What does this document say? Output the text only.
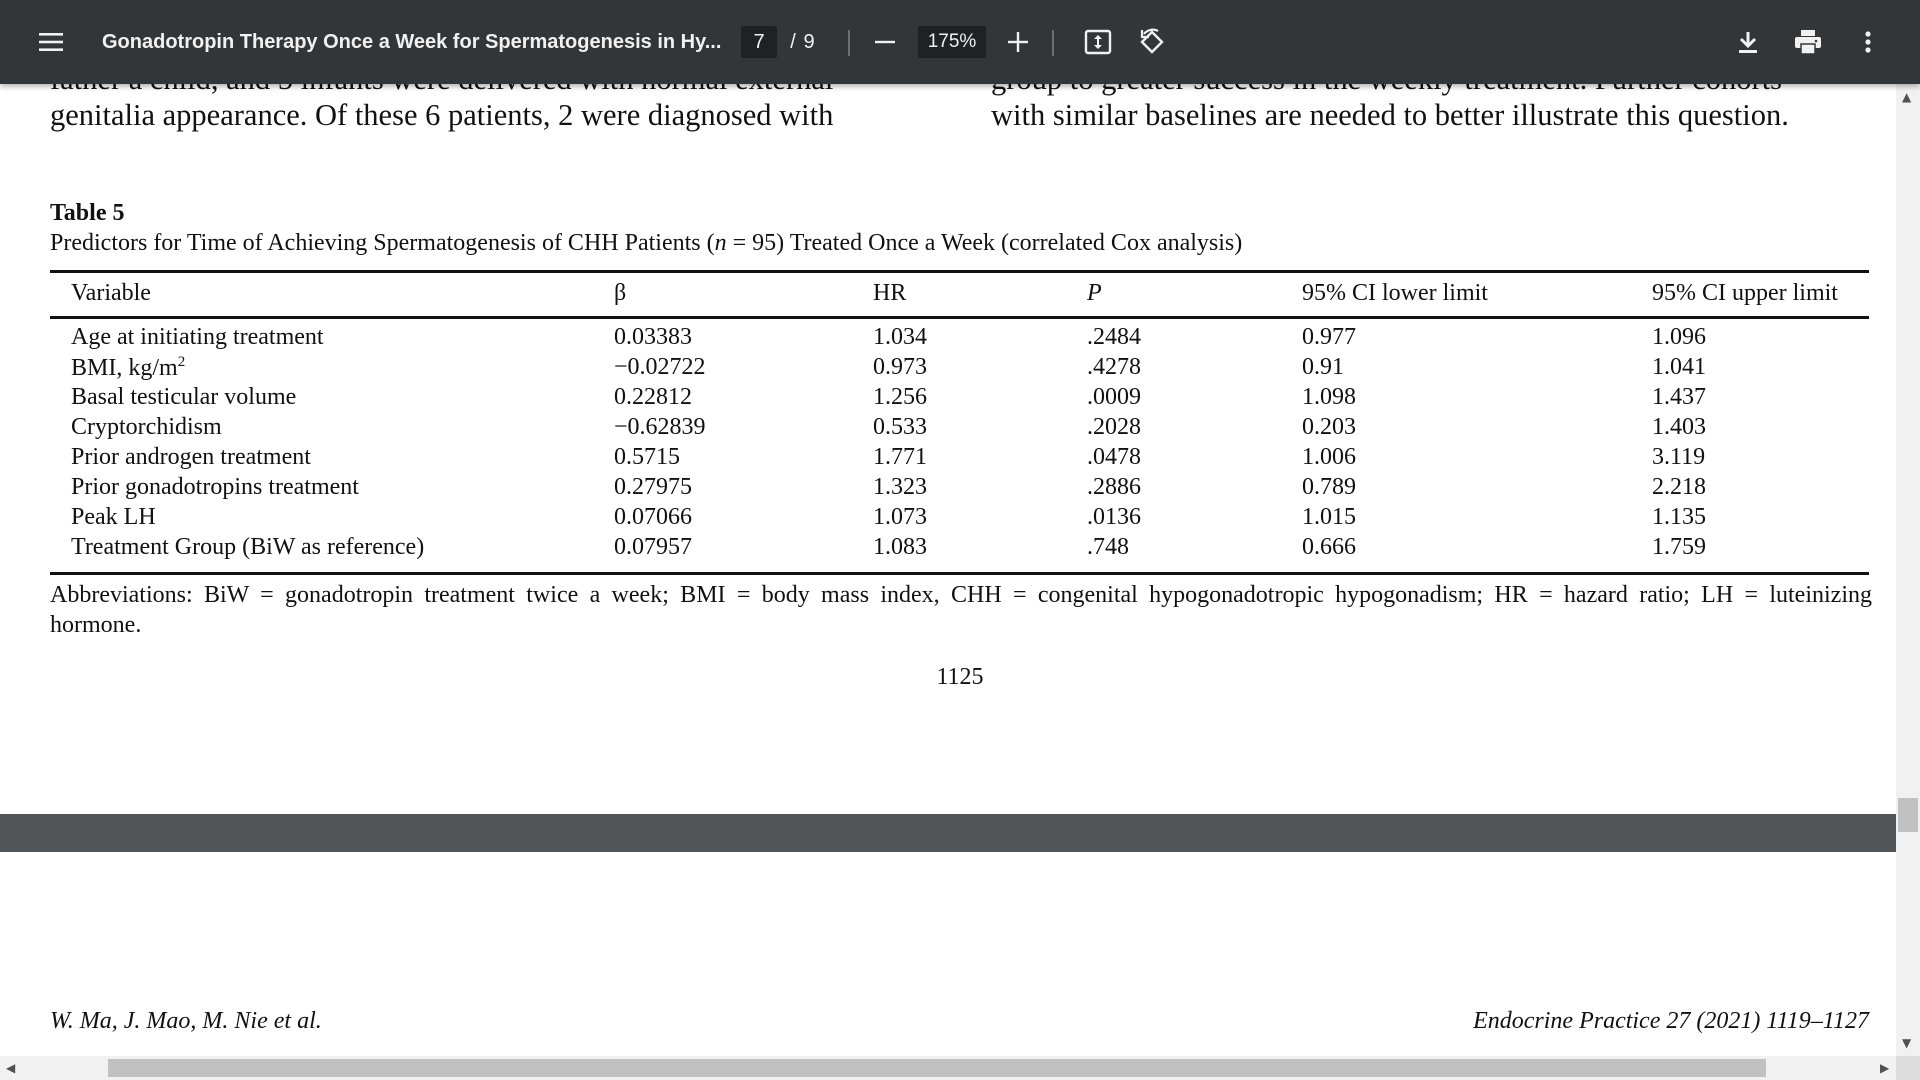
Gonadotropin Therapy Once a Week for Spermatogenesis in Hy...	7	/ 9	175%
genitalia appearance. Of these 6 patients, 2 were diagnosed with	with similar baselines are needed to better illustrate this question.
Table 5
Predictors for Time of Achieving Spermatogenesis of CHH Patients (n = 95) Treated Once a Week (correlated Cox analysis)
Variable	β	HR	P	95% CI lower limit	95% CI upper limit
Age at initiating treatment	0.03383	1.034	.2484	0.977	1.096
BMI, $kg/m^2$	−0.02722	0.973	.4278	0.91	1.041
Basal testicular volume	0.22812	1.256	.0009	1.098	1.437
Cryptorchidism	−0.62839	0.533	.2028	0.203	1.403
Prior androgen treatment	0.5715	1.771	.0478	1.006	3.119
Prior gonadotropins treatment	0.27975	1.323	.2886	0.789	2.218
Peak LH	0.07066	1.073	.0136	1.015	1.135
Treatment Group (BiW as reference)	0.07957	1.083	.748	0.666	1.759
Abbreviations: BiW = gonadotropin treatment twice a week; BMI = body mass index, CHH = congenital hypogonadotropic hypogonadism; HR = hazard ratio; LH = luteinizing
hormone.
1125
W. Ma, J. Mao, M. Nie et al.	Endocrine Practice 27 (2021) 1119–1127
▲
▼
◀	▶
